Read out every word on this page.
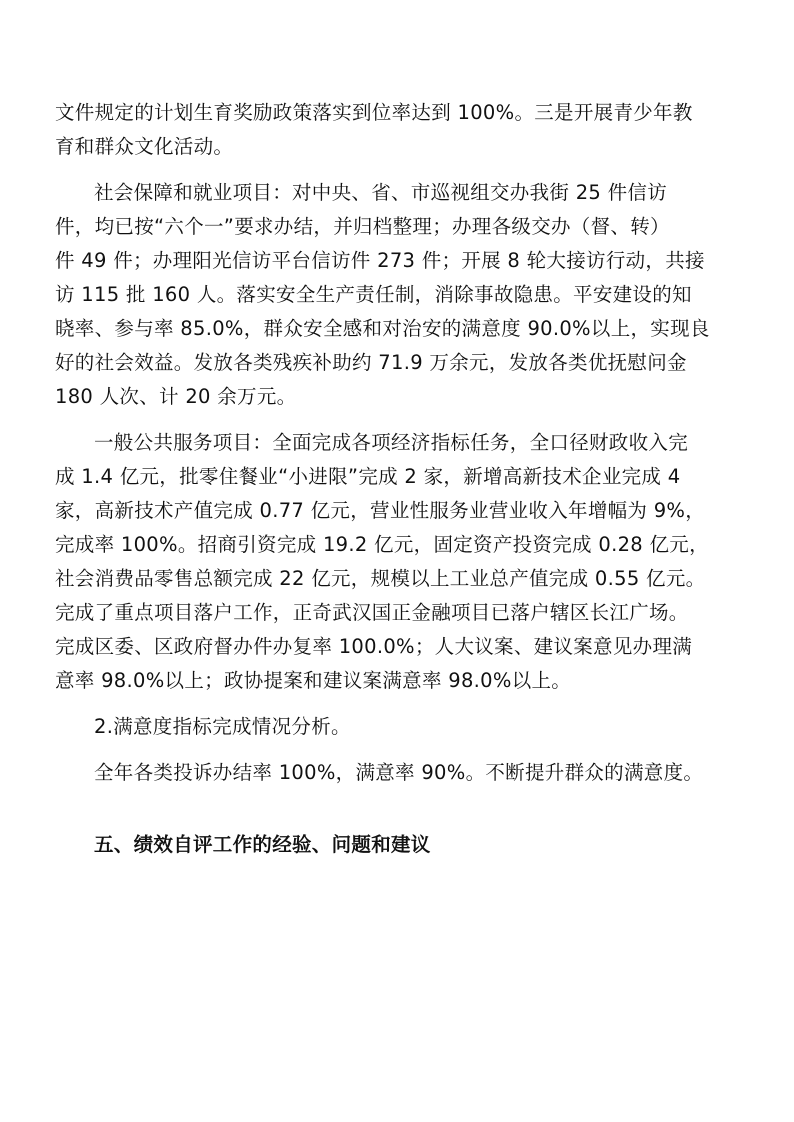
文件规定的计划生育奖励政策落实到位率达到 100%。三是开展青少年教
育和群众文化活动。
社会保障和就业项目：对中央、省、市巡视组交办我街 25 件信访
件，均已按“六个一”要求办结，并归档整理；办理各级交办（督、转）
件 49 件；办理阳光信访平台信访件 273 件；开展 8 轮大接访行动，共接
访 115 批 160 人。落实安全生产责任制，消除事故隐患。平安建设的知
晓率、参与率 85.0%，群众安全感和对治安的满意度 90.0%以上，实现良
好的社会效益。发放各类残疾补助约 71.9 万余元，发放各类优抚慰问金
180 人次、计 20 余万元。
一般公共服务项目：全面完成各项经济指标任务，全口径财政收入完
成 1.4 亿元，批零住餐业“小进限”完成 2 家，新增高新技术企业完成 4
家，高新技术产值完成 0.77 亿元，营业性服务业营业收入年增幅为 9%，
完成率 100%。招商引资完成 19.2 亿元，固定资产投资完成 0.28 亿元，
社会消费品零售总额完成 22 亿元，规模以上工业总产值完成 0.55 亿元。
完成了重点项目落户工作，正奇武汉国正金融项目已落户辖区长江广场。
完成区委、区政府督办件办复率 100.0%；人大议案、建议案意见办理满
意率 98.0%以上；政协提案和建议案满意率 98.0%以上。
2.满意度指标完成情况分析。
全年各类投诉办结率 100%，满意率 90%。不断提升群众的满意度。
五、绩效自评工作的经验、问题和建议
